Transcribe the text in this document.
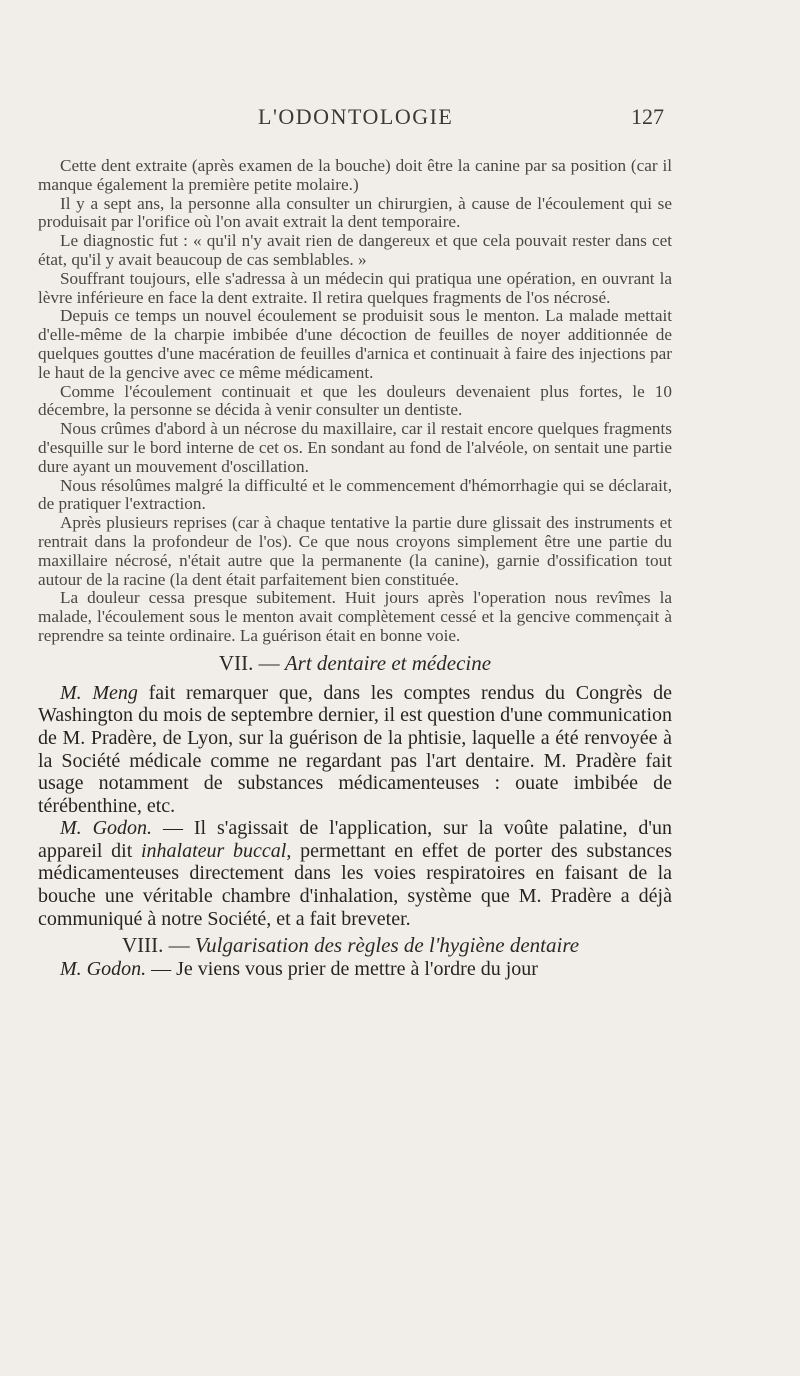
L'ODONTOLOGIE	127

Cette dent extraite (après examen de la bouche) doit être la canine par sa position (car il manque également la première petite molaire.)

Il y a sept ans, la personne alla consulter un chirurgien, à cause de l'écoulement qui se produisait par l'orifice où l'on avait extrait la dent temporaire.

Le diagnostic fut : « qu'il n'y avait rien de dangereux et que cela pouvait rester dans cet état, qu'il y avait beaucoup de cas semblables. »

Souffrant toujours, elle s'adressa à un médecin qui pratiqua une opération, en ouvrant la lèvre inférieure en face la dent extraite. Il retira quelques fragments de l'os nécrosé.

Depuis ce temps un nouvel écoulement se produisit sous le menton. La malade mettait d'elle-même de la charpie imbibée d'une décoction de feuilles de noyer additionnée de quelques gouttes d'une macération de feuilles d'arnica et continuait à faire des injections par le haut de la gencive avec ce même médicament.

Comme l'écoulement continuait et que les douleurs devenaient plus fortes, le 10 décembre, la personne se décida à venir consulter un dentiste.

Nous crûmes d'abord à un nécrose du maxillaire, car il restait encore quelques fragments d'esquille sur le bord interne de cet os. En sondant au fond de l'alvéole, on sentait une partie dure ayant un mouvement d'oscillation.

Nous résolûmes malgré la difficulté et le commencement d'hémorrhagie qui se déclarait, de pratiquer l'extraction.

Après plusieurs reprises (car à chaque tentative la partie dure glissait des instruments et rentrait dans la profondeur de l'os). Ce que nous croyons simplement être une partie du maxillaire nécrosé, n'était autre que la permanente (la canine), garnie d'ossification tout autour de la racine (la dent était parfaitement bien constituée.

La douleur cessa presque subitement. Huit jours après l'operation nous revîmes la malade, l'écoulement sous le menton avait complètement cessé et la gencive commençait à reprendre sa teinte ordinaire. La guérison était en bonne voie.

VII. — Art dentaire et médecine

M. Meng fait remarquer que, dans les comptes rendus du Congrès de Washington du mois de septembre dernier, il est question d'une communication de M. Pradère, de Lyon, sur la guérison de la phtisie, laquelle a été renvoyée à la Société médicale comme ne regardant pas l'art dentaire. M. Pradère fait usage notamment de substances médicamenteuses : ouate imbibée de térébenthine, etc.

M. Godon. — Il s'agissait de l'application, sur la voûte palatine, d'un appareil dit inhalateur buccal, permettant en effet de porter des substances médicamenteuses directement dans les voies respiratoires en faisant de la bouche une véritable chambre d'inhalation, système que M. Pradère a déjà communiqué à notre Société, et a fait breveter.

VIII. — Vulgarisation des règles de l'hygiène dentaire

M. Godon. — Je viens vous prier de mettre à l'ordre du jour
